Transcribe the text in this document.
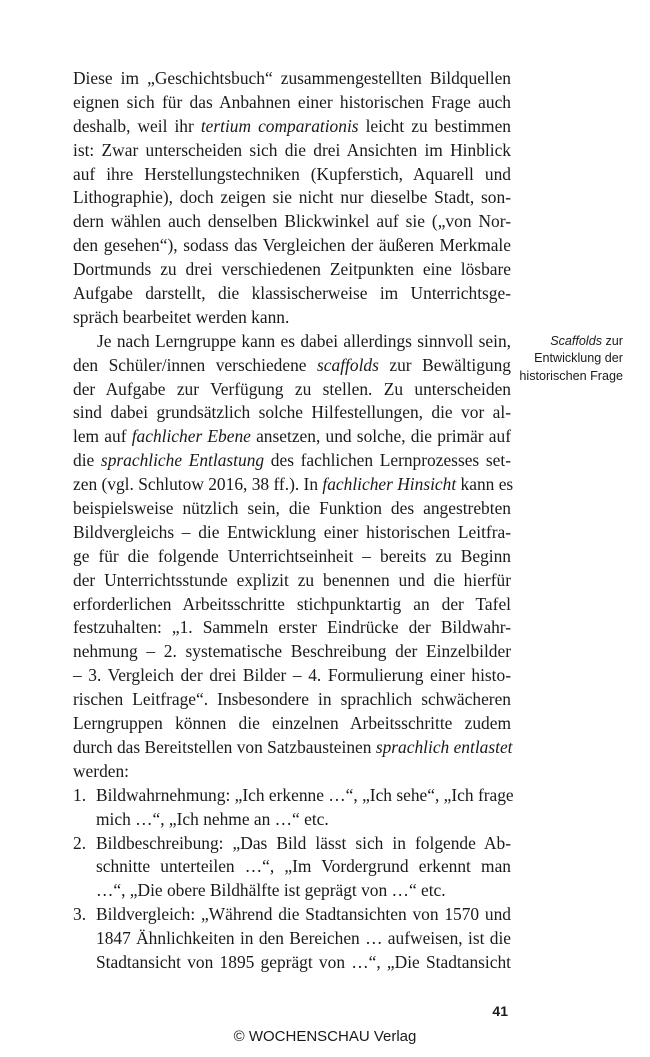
Diese im „Geschichtsbuch“ zusammengestellten Bildquellen
eignen sich für das Anbahnen einer historischen Frage auch
deshalb, weil ihr tertium comparationis leicht zu bestimmen
ist: Zwar unterscheiden sich die drei Ansichten im Hinblick
auf ihre Herstellungstechniken (Kupferstich, Aquarell und
Lithographie), doch zeigen sie nicht nur dieselbe Stadt, son-
dern wählen auch denselben Blickwinkel auf sie („von Nor-
den gesehen“), sodass das Vergleichen der äußeren Merkmale
Dortmunds zu drei verschiedenen Zeitpunkten eine lösbare
Aufgabe darstellt, die klassischerweise im Unterrichtsge-
spräch bearbeitet werden kann.
Je nach Lerngruppe kann es dabei allerdings sinnvoll sein,
den Schüler/innen verschiedene scaffolds zur Bewältigung
der Aufgabe zur Verfügung zu stellen. Zu unterscheiden
sind dabei grundsätzlich solche Hilfestellungen, die vor al-
lem auf fachlicher Ebene ansetzen, und solche, die primär auf
die sprachliche Entlastung des fachlichen Lernprozesses set-
zen (vgl. Schlutow 2016, 38 ff.). In fachlicher Hinsicht kann es
beispielsweise nützlich sein, die Funktion des angestrebten
Bildvergleichs – die Entwicklung einer historischen Leitfra-
ge für die folgende Unterrichtseinheit – bereits zu Beginn
der Unterrichtsstunde explizit zu benennen und die hierfür
erforderlichen Arbeitsschritte stichpunktartig an der Tafel
festzuhalten: „1. Sammeln erster Eindrücke der Bildwahr-
nehmung – 2. systematische Beschreibung der Einzelbilder
– 3. Vergleich der drei Bilder – 4. Formulierung einer histo-
rischen Leitfrage“. Insbesondere in sprachlich schwächeren
Lerngruppen können die einzelnen Arbeitsschritte zudem
durch das Bereitstellen von Satzbausteinen sprachlich entlastet
werden:
1. Bildwahrnehmung: „Ich erkenne …“, „Ich sehe“, „Ich frage
mich …“, „Ich nehme an …“ etc.
2. Bildbeschreibung: „Das Bild lässt sich in folgende Ab-
schnitte unterteilen …“, „Im Vordergrund erkennt man
…“, „Die obere Bildhälfte ist geprägt von …“ etc.
3. Bildvergleich: „Während die Stadtansichten von 1570 und
1847 Ähnlichkeiten in den Bereichen … aufweisen, ist die
Stadtansicht von 1895 geprägt von …“, „Die Stadtansicht
Scaffolds zur
Entwicklung der
historischen Frage
41
© WOCHENSCHAU Verlag
